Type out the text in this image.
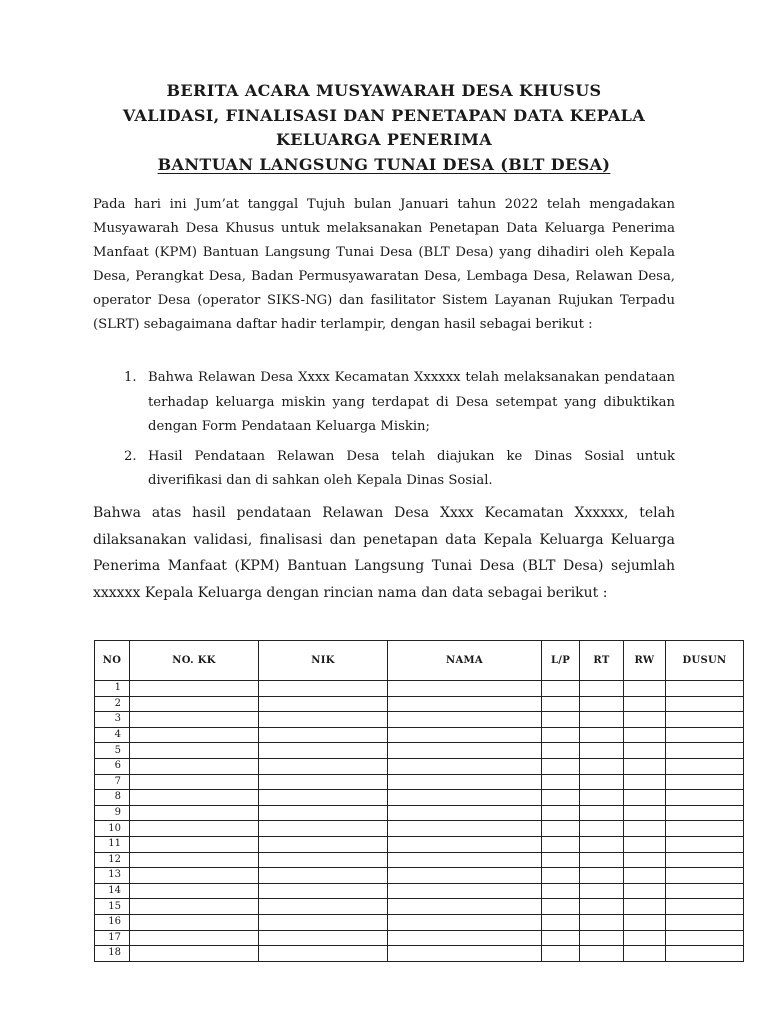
BERITA ACARA MUSYAWARAH DESA KHUSUS
VALIDASI, FINALISASI DAN PENETAPAN DATA KEPALA
KELUARGA PENERIMA
BANTUAN LANGSUNG TUNAI DESA (BLT DESA)
Pada hari ini Jum’at tanggal Tujuh bulan Januari tahun 2022 telah mengadakan Musyawarah Desa Khusus untuk melaksanakan Penetapan Data Keluarga Penerima Manfaat (KPM) Bantuan Langsung Tunai Desa (BLT Desa) yang dihadiri oleh Kepala Desa, Perangkat Desa, Badan Permusyawaratan Desa, Lembaga Desa, Relawan Desa, operator Desa (operator SIKS-NG) dan fasilitator Sistem Layanan Rujukan Terpadu (SLRT) sebagaimana daftar hadir terlampir, dengan hasil sebagai berikut :
1. Bahwa Relawan Desa Xxxx Kecamatan Xxxxxx telah melaksanakan pendataan terhadap keluarga miskin yang terdapat di Desa setempat yang dibuktikan dengan Form Pendataan Keluarga Miskin;
2. Hasil Pendataan Relawan Desa telah diajukan ke Dinas Sosial untuk diverifikasi dan di sahkan oleh Kepala Dinas Sosial.
Bahwa atas hasil pendataan Relawan Desa Xxxx Kecamatan Xxxxxx, telah dilaksanakan validasi, finalisasi dan penetapan data Kepala Keluarga Keluarga Penerima Manfaat (KPM) Bantuan Langsung Tunai Desa (BLT Desa) sejumlah xxxxxx Kepala Keluarga dengan rincian nama dan data sebagai berikut :
NO	NO. KK	NIK	NAMA	L/P	RT	RW	DUSUN
1							
2							
3							
4							
5							
6							
7							
8							
9							
10							
11							
12							
13							
14							
15							
16							
17							
18							
